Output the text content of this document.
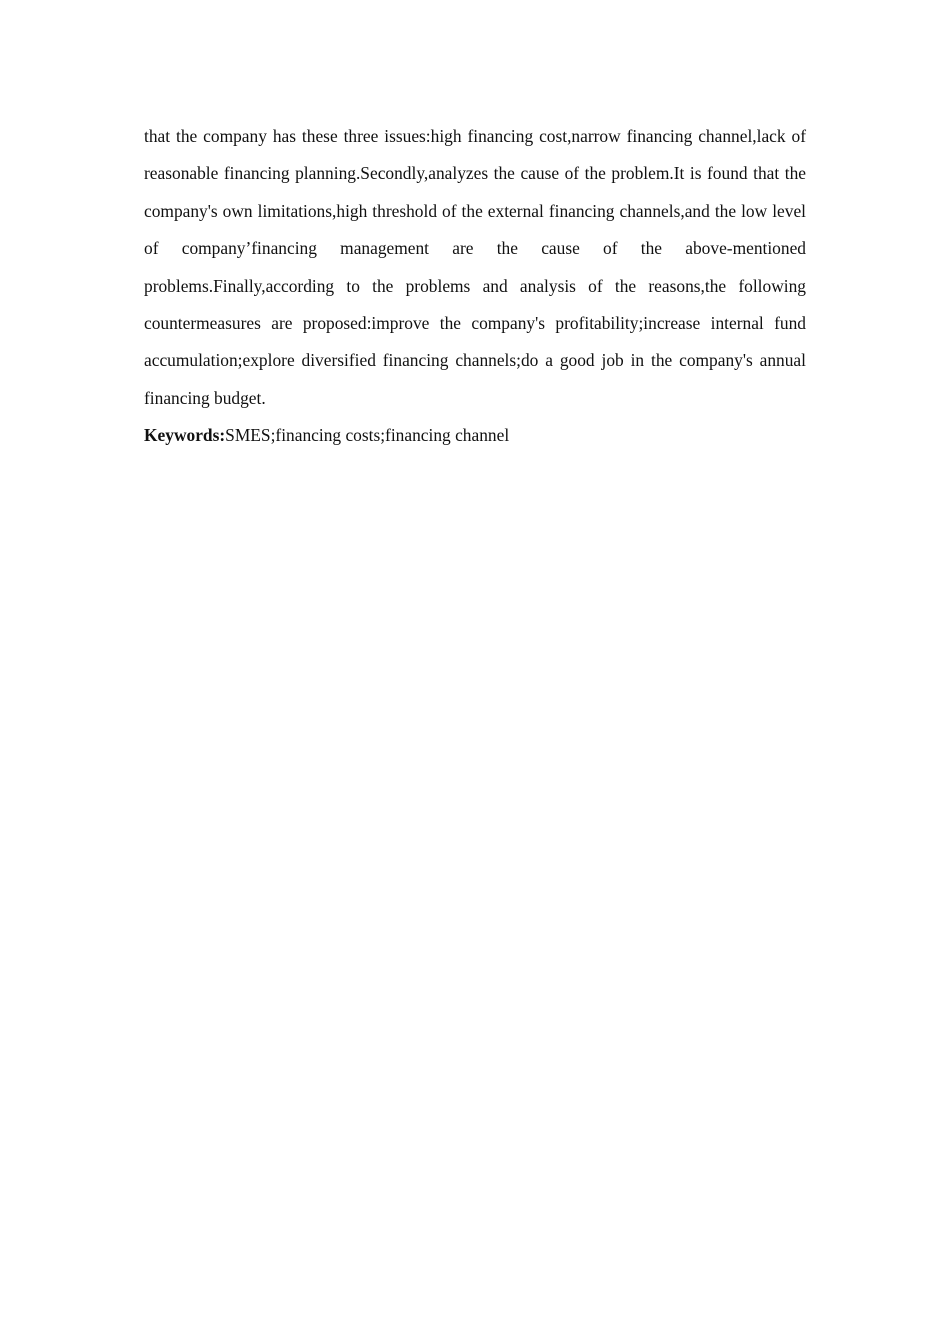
that the company has these three issues:high financing cost,narrow financing channel,lack of reasonable financing planning.Secondly,analyzes the cause of the problem.It is found that the company's own limitations,high threshold of the external financing channels,and the low level of company’financing management are the cause of the above-mentioned problems.Finally,according to the problems and analysis of the reasons,the following countermeasures are proposed:improve the company's profitability;increase internal fund accumulation;explore diversified financing channels;do a good job in the company's annual financing budget.

Keywords:SMES;financing costs;financing channel
